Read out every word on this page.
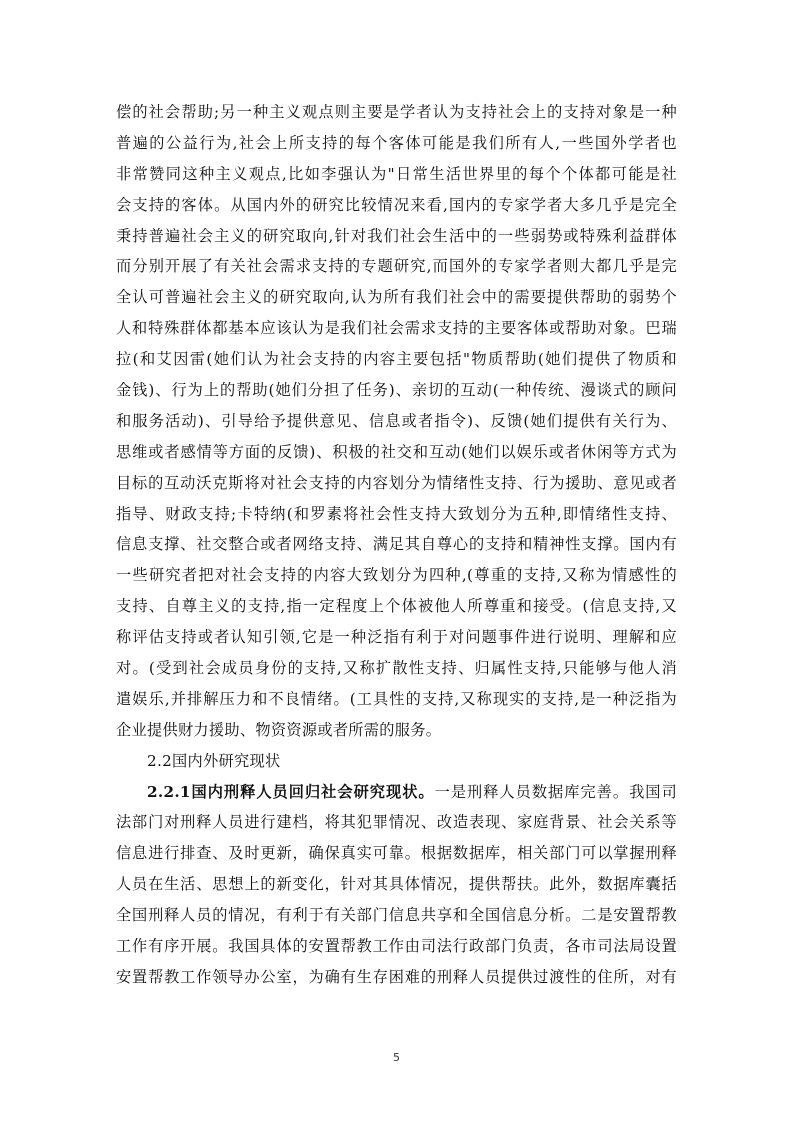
偿的社会帮助;另一种主义观点则主要是学者认为支持社会上的支持对象是一种
普遍的公益行为,社会上所支持的每个客体可能是我们所有人,一些国外学者也
非常赞同这种主义观点,比如李强认为"日常生活世界里的每个个体都可能是社
会支持的客体。从国内外的研究比较情况来看,国内的专家学者大多几乎是完全
秉持普遍社会主义的研究取向,针对我们社会生活中的一些弱势或特殊利益群体
而分别开展了有关社会需求支持的专题研究,而国外的专家学者则大都几乎是完
全认可普遍社会主义的研究取向,认为所有我们社会中的需要提供帮助的弱势个
人和特殊群体都基本应该认为是我们社会需求支持的主要客体或帮助对象。巴瑞
拉(和艾因雷(她们认为社会支持的内容主要包括"物质帮助(她们提供了物质和
金钱)、行为上的帮助(她们分担了任务)、亲切的互动(一种传统、漫谈式的顾问
和服务活动)、引导给予提供意见、信息或者指令)、反馈(她们提供有关行为、
思维或者感情等方面的反馈)、积极的社交和互动(她们以娱乐或者休闲等方式为
目标的互动沃克斯将对社会支持的内容划分为情绪性支持、行为援助、意见或者
指导、财政支持;卡特纳(和罗素将社会性支持大致划分为五种,即情绪性支持、
信息支撑、社交整合或者网络支持、满足其自尊心的支持和精神性支撑。国内有
一些研究者把对社会支持的内容大致划分为四种,(尊重的支持,又称为情感性的
支持、自尊主义的支持,指一定程度上个体被他人所尊重和接受。(信息支持,又
称评估支持或者认知引领,它是一种泛指有利于对问题事件进行说明、理解和应
对。(受到社会成员身份的支持,又称扩散性支持、归属性支持,只能够与他人消
遣娱乐,并排解压力和不良情绪。(工具性的支持,又称现实的支持,是一种泛指为
企业提供财力援助、物资资源或者所需的服务。
2.2国内外研究现状
2.2.1国内刑释人员回归社会研究现状。一是刑释人员数据库完善。我国司
法部门对刑释人员进行建档，将其犯罪情况、改造表现、家庭背景、社会关系等
信息进行排查、及时更新，确保真实可靠。根据数据库，相关部门可以掌握刑释
人员在生活、思想上的新变化，针对其具体情况，提供帮扶。此外，数据库囊括
全国刑释人员的情况，有利于有关部门信息共享和全国信息分析。二是安置帮教
工作有序开展。我国具体的安置帮教工作由司法行政部门负责，各市司法局设置
安置帮教工作领导办公室，为确有生存困难的刑释人员提供过渡性的住所，对有
5
